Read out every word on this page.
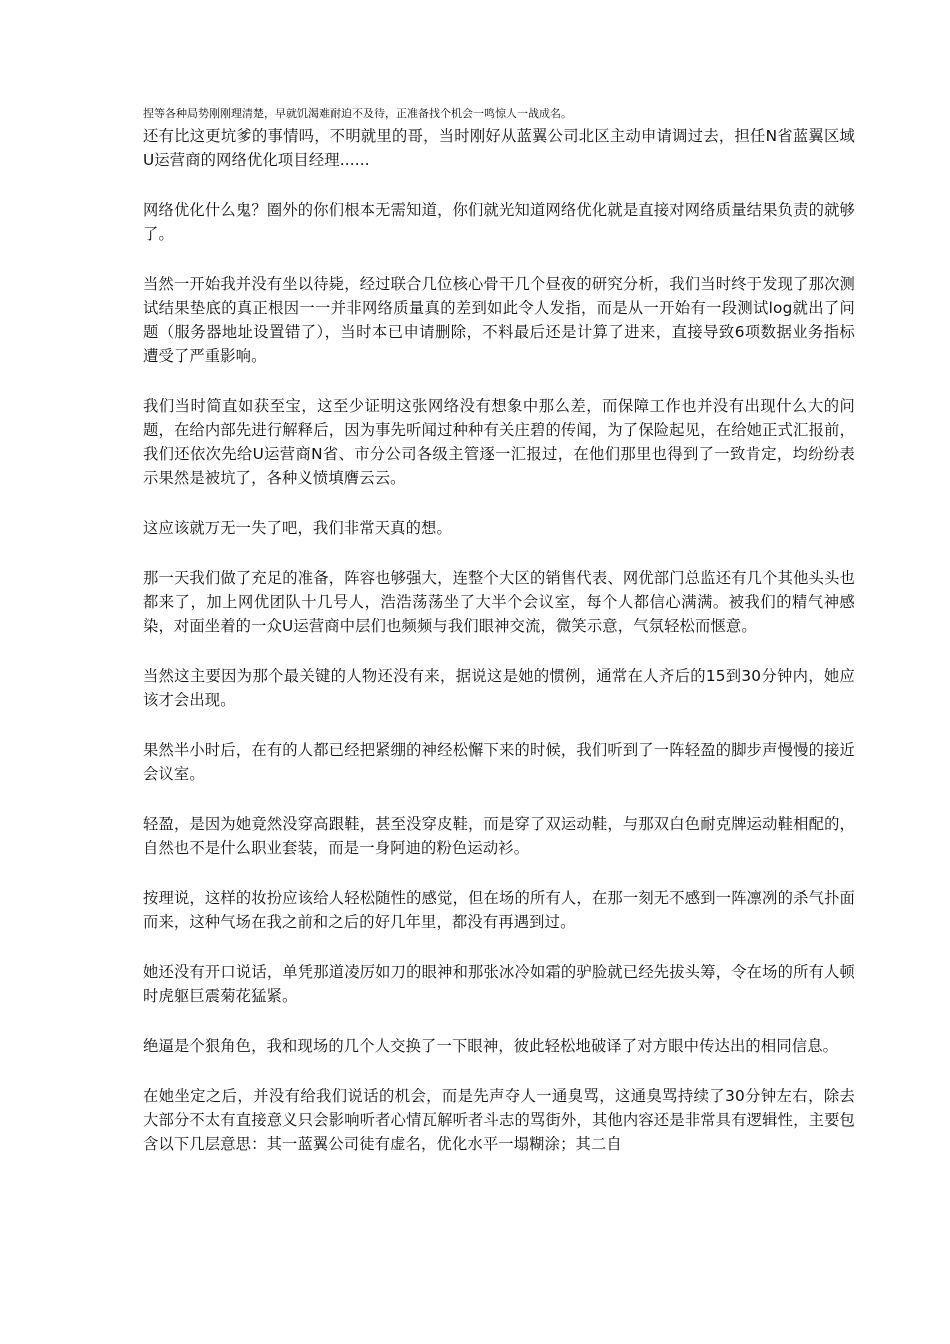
捏等各种局势刚刚理清楚，早就饥渴难耐迫不及待，正准备找个机会一鸣惊人一战成名。

还有比这更坑爹的事情吗，不明就里的哥，当时刚好从蓝翼公司北区主动申请调过去，担任N省蓝翼区域U运营商的网络优化项目经理......

网络优化什么鬼？圈外的你们根本无需知道，你们就光知道网络优化就是直接对网络质量结果负责的就够了。

当然一开始我并没有坐以待毙，经过联合几位核心骨干几个昼夜的研究分析，我们当时终于发现了那次测试结果垫底的真正根因一一并非网络质量真的差到如此令人发指，而是从一开始有一段测试log就出了问题（服务器地址设置错了），当时本已申请删除，不料最后还是计算了进来，直接导致6项数据业务指标遭受了严重影响。

我们当时简直如获至宝，这至少证明这张网络没有想象中那么差，而保障工作也并没有出现什么大的问题，在给内部先进行解释后，因为事先听闻过种种有关庄碧的传闻，为了保险起见，在给她正式汇报前，我们还依次先给U运营商N省、市分公司各级主管逐一汇报过，在他们那里也得到了一致肯定，均纷纷表示果然是被坑了，各种义愤填膺云云。

这应该就万无一失了吧，我们非常天真的想。

那一天我们做了充足的准备，阵容也够强大，连整个大区的销售代表、网优部门总监还有几个其他头头也都来了，加上网优团队十几号人，浩浩荡荡坐了大半个会议室，每个人都信心满满。被我们的精气神感染，对面坐着的一众U运营商中层们也频频与我们眼神交流，微笑示意，气氛轻松而惬意。

当然这主要因为那个最关键的人物还没有来，据说这是她的惯例，通常在人齐后的15到30分钟内，她应该才会出现。

果然半小时后，在有的人都已经把紧绷的神经松懈下来的时候，我们听到了一阵轻盈的脚步声慢慢的接近会议室。

轻盈，是因为她竟然没穿高跟鞋，甚至没穿皮鞋，而是穿了双运动鞋，与那双白色耐克牌运动鞋相配的，自然也不是什么职业套装，而是一身阿迪的粉色运动衫。

按理说，这样的妆扮应该给人轻松随性的感觉，但在场的所有人，在那一刻无不感到一阵凛冽的杀气扑面而来，这种气场在我之前和之后的好几年里，都没有再遇到过。

她还没有开口说话，单凭那道凌厉如刀的眼神和那张冰冷如霜的驴脸就已经先拔头筹，令在场的所有人顿时虎躯巨震菊花猛紧。

绝逼是个狠角色，我和现场的几个人交换了一下眼神，彼此轻松地破译了对方眼中传达出的相同信息。

在她坐定之后，并没有给我们说话的机会，而是先声夺人一通臭骂，这通臭骂持续了30分钟左右，除去大部分不太有直接意义只会影响听者心情瓦解听者斗志的骂街外，其他内容还是非常具有逻辑性，主要包含以下几层意思：其一蓝翼公司徒有虚名，优化水平一塌糊涂；其二自
